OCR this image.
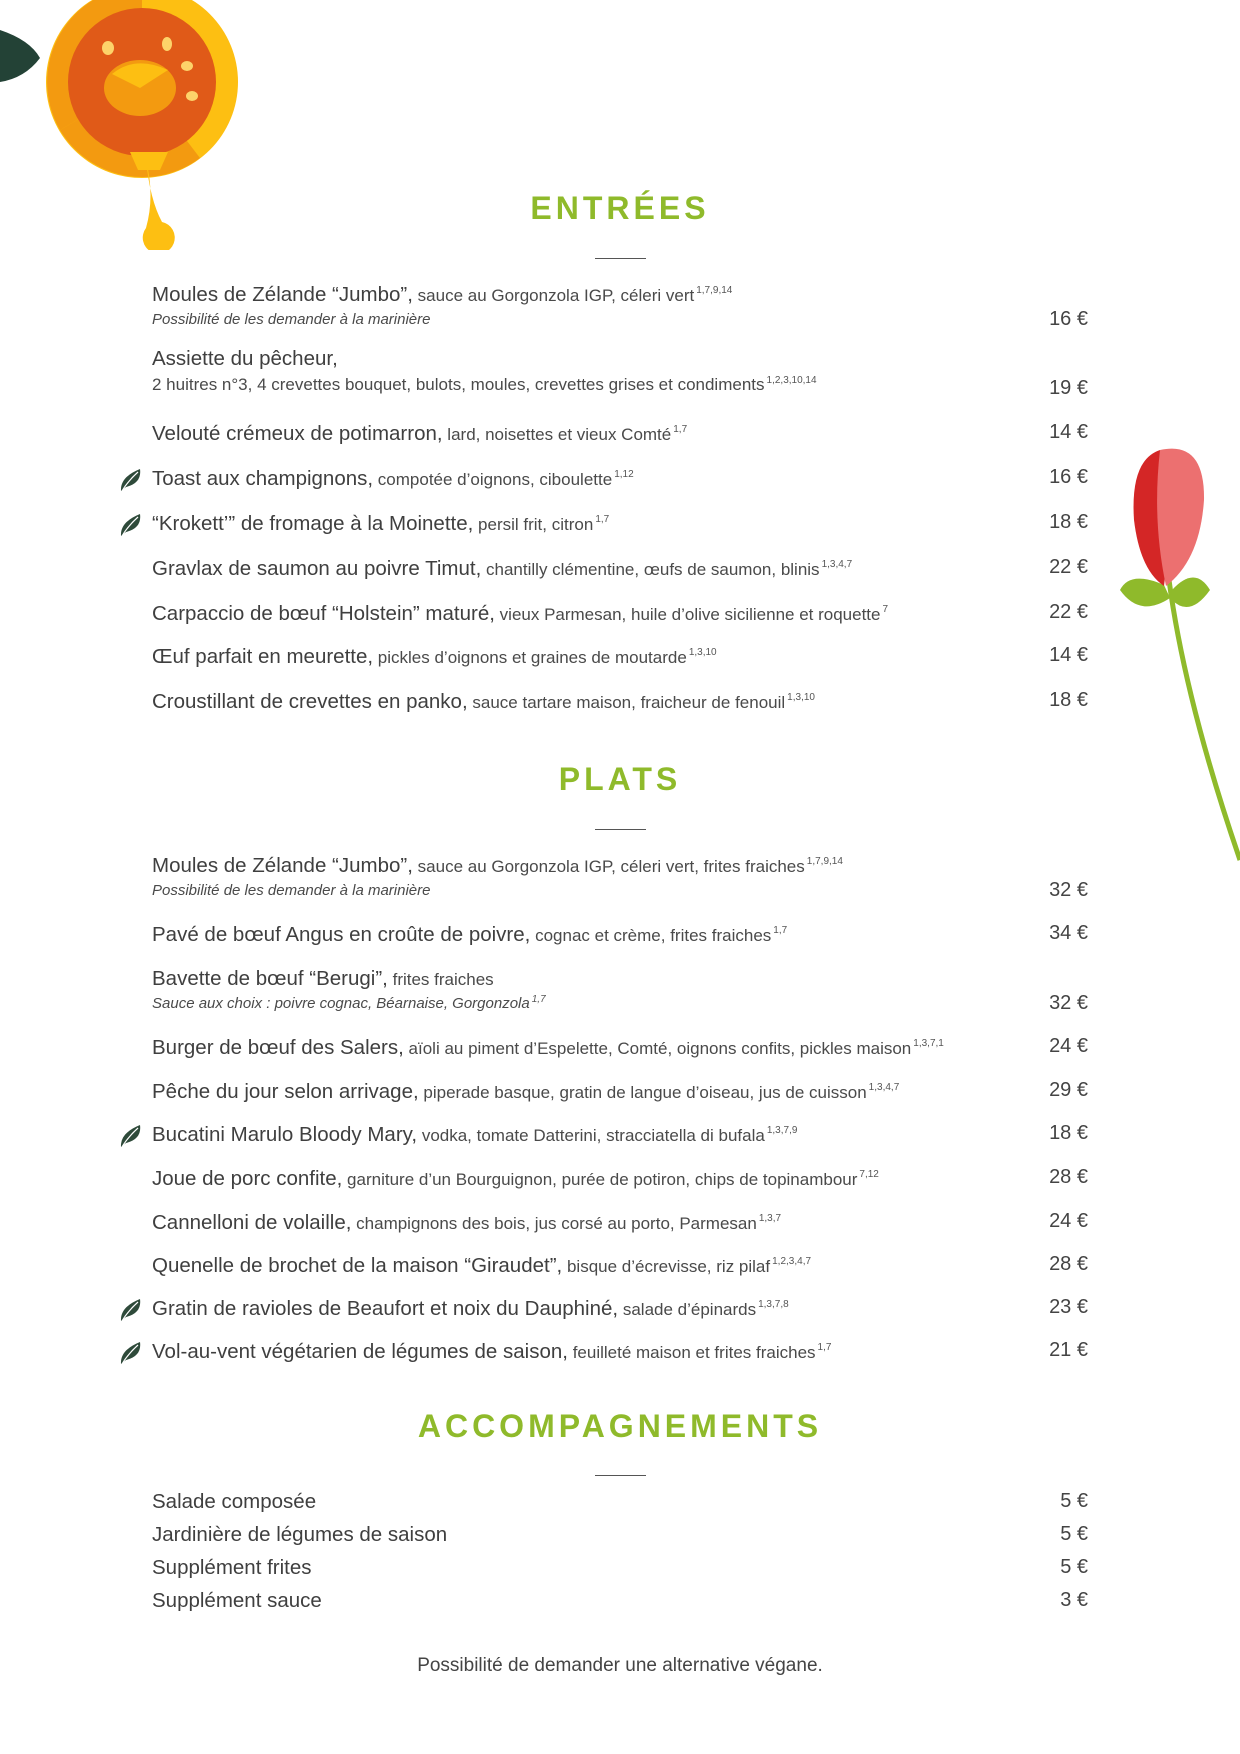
ENTRÉES
Moules de Zélande “Jumbo”, sauce au Gorgonzola IGP, céleri vert $^{1,7,9,14}$
Possibilité de les demander à la marinière	16 €
Assiette du pêcheur,
2 huitres n°3, 4 crevettes bouquet, bulots, moules, crevettes grises et condiments $^{1,2,3,10,14}$	19 €
Velouté crémeux de potimarron, lard, noisettes et vieux Comté $^{1,7}$	14 €
Toast aux champignons, compotée d’oignons, ciboulette $^{1,12}$	16 €
“Krokett’” de fromage à la Moinette, persil frit, citron $^{1,7}$	18 €
Gravlax de saumon au poivre Timut, chantilly clémentine, œufs de saumon, blinis $^{1,3,4,7}$	22 €
Carpaccio de bœuf “Holstein” maturé, vieux Parmesan, huile d’olive sicilienne et roquette $^7$	22 €
Œuf parfait en meurette, pickles d’oignons et graines de moutarde $^{1,3,10}$	14 €
Croustillant de crevettes en panko, sauce tartare maison, fraicheur de fenouil $^{1,3,10}$	18 €
PLATS
Moules de Zélande “Jumbo”, sauce au Gorgonzola IGP, céleri vert, frites fraiches $^{1,7,9,14}$
Possibilité de les demander à la marinière	32 €
Pavé de bœuf Angus en croûte de poivre, cognac et crème, frites fraiches $^{1,7}$	34 €
Bavette de bœuf “Berugi”, frites fraiches
Sauce aux choix : poivre cognac, Béarnaise, Gorgonzola $^{1,7}$	32 €
Burger de bœuf des Salers, aïoli au piment d’Espelette, Comté, oignons confits, pickles maison $^{1,3,7,1}$	24 €
Pêche du jour selon arrivage, piperade basque, gratin de langue d’oiseau, jus de cuisson $^{1,3,4,7}$	29 €
Bucatini Marulo Bloody Mary, vodka, tomate Datterini, stracciatella di bufala $^{1,3,7,9}$	18 €
Joue de porc confite, garniture d’un Bourguignon, purée de potiron, chips de topinambour $^{7,12}$	28 €
Cannelloni de volaille, champignons des bois, jus corsé au porto, Parmesan $^{1,3,7}$	24 €
Quenelle de brochet de la maison “Giraudet”, bisque d’écrevisse, riz pilaf $^{1,2,3,4,7}$	28 €
Gratin de ravioles de Beaufort et noix du Dauphiné, salade d’épinards $^{1,3,7,8}$	23 €
Vol-au-vent végétarien de légumes de saison, feuilleté maison et frites fraiches $^{1,7}$	21 €
ACCOMPAGNEMENTS
Salade composée	5 €
Jardinière de légumes de saison	5 €
Supplément frites	5 €
Supplément sauce	3 €
Possibilité de demander une alternative végane.
